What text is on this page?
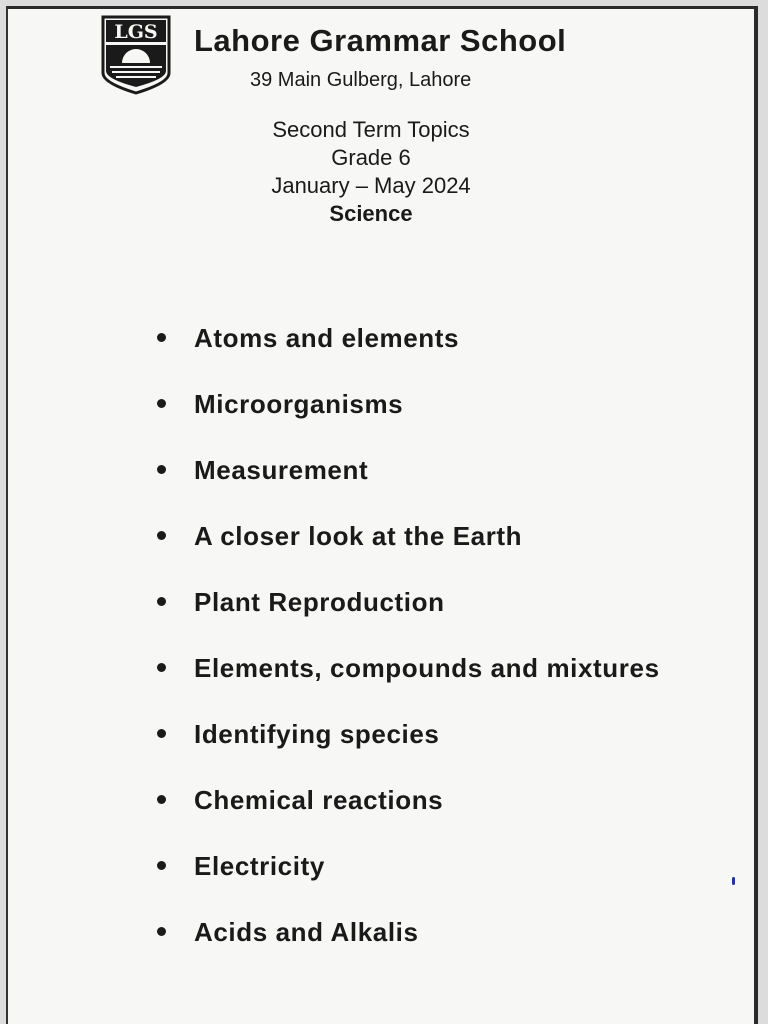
LGS Lahore Grammar School
39 Main Gulberg, Lahore
Second Term Topics
Grade 6
January – May 2024
Science
Atoms and elements
Microorganisms
Measurement
A closer look at the Earth
Plant Reproduction
Elements, compounds and mixtures
Identifying species
Chemical reactions
Electricity
Acids and Alkalis
